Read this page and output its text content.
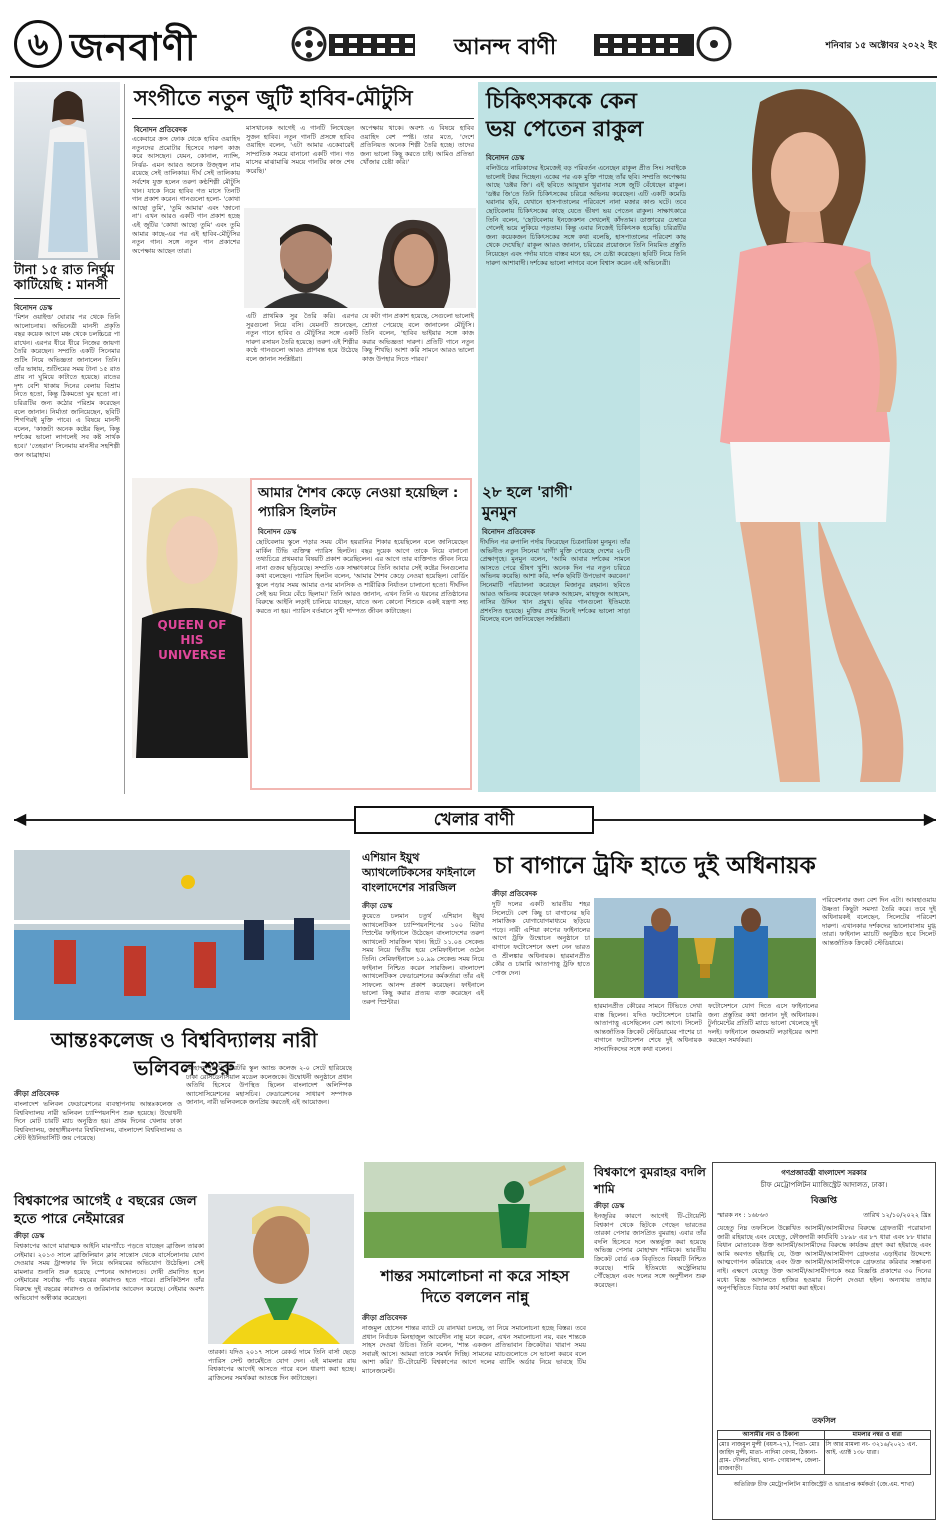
৬ জনবাণী	আনন্দ বাণী	শনিবার ১৫ অক্টোবর ২০২২ ইং
টানা ১৫ রাত নির্ঘুম কাটিয়েছি : মানসী
বিনোদন ডেস্ক
'মিশন ওয়াইল্ড' ঘোরার পর থেকে তিনি আলোচনায়। অভিনেত্রী মানসী প্রকৃতি বছর কয়েক আগে মঞ্চ থেকে চলচ্চিত্রে পা রাখেন। এরপর ধীরে ধীরে নিজের জায়গা তৈরি করেছেন। সম্প্রতি একটি সিনেমার শুটিং নিয়ে অভিজ্ঞতা জানালেন তিনি। তাঁর ভাষায়, শুটিংয়ের সময় টানা ১৫ রাত প্রায় না ঘুমিয়ে কাটাতে হয়েছে। রাতের দৃশ্য বেশি থাকায় দিনের বেলায় বিশ্রাম নিতে হতো, কিন্তু ঠিকমতো ঘুম হতো না। চরিত্রটির জন্য কঠোর পরিশ্রম করেছেন বলে জানান। নির্মাতা জানিয়েছেন, ছবিটি শিগগিরই মুক্তি পাবে। এ বিষয়ে মানসী বলেন, 'কাজটা অনেক কষ্টের ছিল, কিন্তু দর্শকের ভালো লাগলেই সব কষ্ট সার্থক হবে।' 'তেহরান' সিনেমায় মানসীর সহশিল্পী জন আব্রাহাম।
সংগীতে নতুন জুটি হাবিব-মৌটুসি
বিনোদন প্রতিবেদক
একেবারে ক্রস ফোক থেকে হাবিব ওয়াহিদ নতুনদের প্রমোটার হিসেবে দারুণ কাজ করে আসছেন। যেমন, কোনাল, ন্যান্সি, নির্ঝর- এমন আরও অনেক উজ্জ্বল নাম রয়েছে সেই তালিকায়। দীর্ঘ সেই তালিকায় সর্বশেষ যুক্ত হলেন তরুণ কণ্ঠশিল্পী মৌটুসি খান। যাকে নিয়ে হাবিব গত মাসে তিনটি গান প্রকাশ করেন। গানগুলো হলো- 'কোথা আছো তুমি', 'তুমি আমার' এবং 'জানো না'। এখন আরও একটি গান প্রকাশ হচ্ছে এই জুটির 'কোথা আছো তুমি' এবং তুমি আমার কাছে-এর পর এই হাবিব-মৌটুসির নতুন গান। সঙ্গে নতুন গান প্রকাশের অপেক্ষায় আছেন তারা।
মাসখানেক আগেই এ গানটি লিখেছেন সুজন হাবিব। নতুন গানটি প্রসঙ্গে হাবিব ওয়াহিদ বলেন, 'এটা আমার একেবারেই সাম্প্রতিক সময়ে বানানো একটি গান। গত মাসের মাঝামাঝি সময়ে গানটির কাজ শেষ করেছি।'
অপেক্ষায় থাকে। অবশ্য এ বিষয়ে হাবিব ওয়াহিদ বেশ স্পষ্ট। তার মতে, 'দেশে প্রতিনিয়ত অনেক শিল্পী তৈরি হচ্ছে। তাদের জন্য ভালো কিছু করতে চাই। আমিও প্রতিভা খোঁজার চেষ্টা করি।'
এটি প্রাথমিক সুর তৈরি করি। এরপর সুরগুলো নিয়ে বসি। যেমনটি শুনেছেন, নতুন গানে হাবিব ও মৌটুসির সঙ্গে একটি দারুণ রসায়ন তৈরি হয়েছে। তরুণ এই শিল্পীর কণ্ঠে গানগুলো আরও প্রাণবন্ত হয়ে উঠেছে বলে জানান সংশ্লিষ্টরা।
যে কটা গান প্রকাশ হয়েছে, সেগুলো ভালোই শ্রোতা পেয়েছে বলে জানালেন মৌটুসি। তিনি বলেন, 'হাবিব ভাইয়ার সঙ্গে কাজ করার অভিজ্ঞতা দারুণ। প্রতিটি গানে নতুন কিছু শিখছি। আশা করি সামনে আরও ভালো কাজ উপহার দিতে পারব।'
চিকিৎসককে কেন ভয় পেতেন রাকুল
বিনোদন ডেস্ক
বলিউডে নায়িকাদের ইমেজেই বড় পরিবর্তন এনেছেন রাকুল প্রীত সিং। সবাইকে ভালোই টক্কর দিচ্ছেন। একের পর এক মুক্তি পাচ্ছে তাঁর ছবি। সম্প্রতি অপেক্ষায় আছে 'ডক্টর জি'। এই ছবিতে আয়ুষ্মান খুরানার সঙ্গে জুটি বেঁধেছেন রাকুল। 'ডক্টর জি'তে তিনি চিকিৎসকের চরিত্রে অভিনয় করেছেন। এটি একটি কমেডি ঘরানার ছবি, যেখানে হাসপাতালের পরিবেশে নানা মজার কাণ্ড ঘটে। তবে ছোটবেলায় চিকিৎসকের কাছে যেতে ভীষণ ভয় পেতেন রাকুল। সাক্ষাৎকারে তিনি বলেন, 'ছোটবেলায় ইনজেকশন দেখলেই কাঁদতাম। ডাক্তারের চেম্বারে গেলেই ভয়ে লুকিয়ে পড়তাম। কিন্তু এবার নিজেই চিকিৎসক হয়েছি। চরিত্রটির জন্য কয়েকজন চিকিৎসকের সঙ্গে কথা বলেছি, হাসপাতালের পরিবেশ কাছ থেকে দেখেছি।' রাকুল আরও জানান, চরিত্রের প্রয়োজনে তিনি নিয়মিত প্রস্তুতি নিয়েছেন এবং পর্দায় যাতে বাস্তব মনে হয়, সে চেষ্টা করেছেন। ছবিটি নিয়ে তিনি দারুণ আশাবাদী। দর্শকের ভালো লাগবে বলে বিশ্বাস করেন এই অভিনেত্রী।
QUEEN OF HIS UNIVERSE
আমার শৈশব কেড়ে নেওয়া হয়েছিল : প্যারিস হিলটন
বিনোদন ডেস্ক
ছোটবেলায় স্কুলে পড়ার সময় যৌন হয়রানির শিকার হয়েছিলেন বলে জানিয়েছেন মার্কিন টিভি ব্যক্তিত্ব প্যারিস হিলটন। বছর দুয়েক আগে তাকে নিয়ে বানানো তথ্যচিত্রে প্রথমবার বিষয়টি প্রকাশ করেছিলেন। এর আগে তার ব্যক্তিগত জীবন নিয়ে নানা গুজব ছড়িয়েছে। সম্প্রতি এক সাক্ষাৎকারে তিনি আবার সেই কষ্টের দিনগুলোর কথা বলেছেন। প্যারিস হিলটন বলেন, 'আমার শৈশব কেড়ে নেওয়া হয়েছিল। বোর্ডিং স্কুলে পড়ার সময় আমার ওপর মানসিক ও শারীরিক নির্যাতন চালানো হতো। দীর্ঘদিন সেই ভয় নিয়ে বেঁচে ছিলাম।' তিনি আরও জানান, এখন তিনি এ ধরনের প্রতিষ্ঠানের বিরুদ্ধে আইনি লড়াই চালিয়ে যাচ্ছেন, যাতে অন্য কোনো শিশুকে একই যন্ত্রণা সহ্য করতে না হয়। প্যারিস বর্তমানে সুখী দাম্পত্য জীবন কাটাচ্ছেন।
২৮ হলে 'রাগী' মুনমুন
বিনোদন প্রতিবেদক
দীর্ঘদিন পর রুপালি পর্দায় ফিরেছেন চিত্রনায়িকা মুনমুন। তাঁর অভিনীত নতুন সিনেমা 'রাগী' মুক্তি পেয়েছে দেশের ২৮টি প্রেক্ষাগৃহে। মুনমুন বলেন, 'আমি আবার দর্শকের সামনে আসতে পেরে ভীষণ খুশি। অনেক দিন পর নতুন চরিত্রে অভিনয় করেছি। আশা করি, দর্শক ছবিটি উপভোগ করবেন।' সিনেমাটি পরিচালনা করেছেন মিজানুর রহমান। ছবিতে আরও অভিনয় করেছেন ফারুক আহমেদ, মাহফুজ আহমেদ, নাসির উদ্দিন খান প্রমুখ। ছবির গানগুলো ইতিমধ্যে প্রশংসিত হয়েছে। মুক্তির প্রথম দিনেই দর্শকের ভালো সাড়া মিলেছে বলে জানিয়েছেন সংশ্লিষ্টরা।
◀	▶
খেলার বাণী
আন্তঃকলেজ ও বিশ্ববিদ্যালয় নারী ভলিবল শুরু
ক্রীড়া প্রতিবেদক
বাংলাদেশ ভলিবল ফেডারেশনের ব্যবস্থাপনায় আন্তঃকলেজ ও বিশ্ববিদ্যালয় নারী ভলিবল চ্যাম্পিয়নশিপ শুরু হয়েছে। উদ্বোধনী দিনে মোট চারটি ম্যাচ অনুষ্ঠিত হয়। প্রথম দিনের খেলায় ঢাকা বিশ্ববিদ্যালয়, জাহাঙ্গীরনগর বিশ্ববিদ্যালয়, বাংলাদেশ বিশ্ববিদ্যালয় ও স্টেট ইউনিভার্সিটি জয় পেয়েছে।
মোহাম্মদপুর প্রিপারেটরি স্কুল অ্যান্ড কলেজ ২-০ সেটে হারিয়েছে ঢাকা রেসিডেনসিয়াল মডেল কলেজকে। উদ্বোধনী অনুষ্ঠানে প্রধান অতিথি হিসেবে উপস্থিত ছিলেন বাংলাদেশ অলিম্পিক অ্যাসোসিয়েশনের মহাসচিব। ফেডারেশনের সাধারণ সম্পাদক জানান, নারী ভলিবলকে জনপ্রিয় করতেই এই আয়োজন।
এশিয়ান ইয়ুথ অ্যাথলেটিকসের ফাইনালে বাংলাদেশের সারজিল
ক্রীড়া ডেস্ক
কুয়েতে চলমান চতুর্থ এশিয়ান ইয়ুথ অ্যাথলেটিকস চ্যাম্পিয়নশিপের ১০০ মিটার স্প্রিন্টের ফাইনালে উঠেছেন বাংলাদেশের তরুণ অ্যাথলেট সারজিল খান। হিটে ১১.০৪ সেকেন্ড সময় নিয়ে দ্বিতীয় হয়ে সেমিফাইনালে ওঠেন তিনি। সেমিফাইনালে ১০.৯৯ সেকেন্ড সময় নিয়ে ফাইনাল নিশ্চিত করেন সারজিল। বাংলাদেশ অ্যাথলেটিকস ফেডারেশনের কর্মকর্তারা তাঁর এই সাফল্যে আনন্দ প্রকাশ করেছেন। ফাইনালে ভালো কিছু করার প্রত্যয় ব্যক্ত করেছেন এই তরুণ স্প্রিন্টার।
চা বাগানে ট্রফি হাতে দুই অধিনায়ক
ক্রীড়া প্রতিবেদক
দুটি দলের একটি ভারতীয় শহর সিলেটে। বেশ কিছু চা বাগানের ছবি সামাজিক যোগাযোগমাধ্যমে ছড়িয়ে পড়ে। নারী এশিয়া কাপের ফাইনালের আগে ট্রফি উন্মোচন অনুষ্ঠানে চা বাগানে ফটোসেশনে অংশ নেন ভারত ও শ্রীলঙ্কার অধিনায়ক। হারমানপ্রীত কৌর ও চামারি আতাপাত্তু ট্রফি হাতে পোজ দেন।
হারমানপ্রীত কৌরের সামনে টিভিতে দেখা ব্যস্ত ছিলেন। যদিও ফটোসেশনে চামারি আতাপাত্তু এসেছিলেন বেশ আগে। সিলেট আন্তর্জাতিক ক্রিকেট স্টেডিয়ামের পাশের চা বাগানে ফটোসেশন শেষে দুই অধিনায়ক সাংবাদিকদের সঙ্গে কথা বলেন।
ফটোসেশনে যোগ দিতে এসে ফাইনালের জন্য প্রস্তুতির কথা জানান দুই অধিনায়ক। টুর্নামেন্টের প্রতিটি ম্যাচে ভালো খেলেছে দুই দলই। ফাইনালে জমজমাট লড়াইয়ের আশা করছেন সমর্থকরা।
পরিবেশনার জন্য বেশ দিন এটা। আবহাওয়ায় উষ্ণতা কিছুটা সমস্যা তৈরি করে। তবে দুই অধিনায়কই বলেছেন, সিলেটের পরিবেশ দারুণ। এখানকার দর্শকদের ভালোবাসায় মুগ্ধ তারা। ফাইনাল ম্যাচটি অনুষ্ঠিত হবে সিলেট আন্তর্জাতিক ক্রিকেট স্টেডিয়ামে।
বিশ্বকাপের আগেই ৫ বছরের জেল হতে পারে নেইমারের
ক্রীড়া ডেস্ক
বিশ্বকাপের আগে মারাত্মক আইনি মারপ্যাঁচে পড়তে যাচ্ছেন ব্রাজিল তারকা নেইমার। ২০১৩ সালে ব্রাজিলিয়ান ক্লাব সান্তোস থেকে বার্সেলোনায় যোগ দেওয়ার সময় ট্রান্সফার ফি নিয়ে অনিয়মের অভিযোগ উঠেছিল। সেই মামলার শুনানি শুরু হয়েছে স্পেনের আদালতে। দোষী প্রমাণিত হলে নেইমারের সর্বোচ্চ পাঁচ বছরের কারাদণ্ড হতে পারে। প্রসিকিউশন তাঁর বিরুদ্ধে দুই বছরের কারাদণ্ড ও জরিমানার আবেদন করেছে। নেইমার অবশ্য অভিযোগ অস্বীকার করেছেন।
তারকা। যদিও ২০১৭ সালে রেকর্ড দামে তিনি বার্সা ছেড়ে প্যারিস সেন্ট জার্মেইতে যোগ দেন। এই মামলার রায় বিশ্বকাপের আগেই আসতে পারে বলে ধারণা করা হচ্ছে। ব্রাজিলের সমর্থকরা আতঙ্কে দিন কাটাচ্ছেন।
শান্তর সমালোচনা না করে সাহস দিতে বললেন নান্নু
ক্রীড়া প্রতিবেদক
নাজমুল হোসেন শান্তর ব্যাটে যে রানখরা চলছে, তা নিয়ে সমালোচনা হচ্ছে বিস্তর। তবে প্রধান নির্বাচক মিনহাজুল আবেদীন নান্নু মনে করেন, এখন সমালোচনা নয়, বরং শান্তকে সাহস দেওয়া উচিত। তিনি বলেন, 'শান্ত একজন প্রতিভাবান ক্রিকেটার। খারাপ সময় সবারই আসে। আমরা তাকে সমর্থন দিচ্ছি। সামনের ম্যাচগুলোতে সে ভালো করবে বলে আশা করি।' টি-টোয়েন্টি বিশ্বকাপের আগে দলের ব্যাটিং অর্ডার নিয়ে ভাবছে টিম ম্যানেজমেন্ট।
বিশ্বকাপে বুমরাহর বদলি শামি
ক্রীড়া ডেস্ক
ইনজুরির কারণে আগেই টি-টোয়েন্টি বিশ্বকাপ থেকে ছিটকে গেছেন ভারতের তারকা পেসার জাসপ্রিত বুমরাহ। এবার তাঁর বদলি হিসেবে দলে অন্তর্ভুক্ত করা হয়েছে অভিজ্ঞ পেসার মোহাম্মদ শামিকে। ভারতীয় ক্রিকেট বোর্ড এক বিবৃতিতে বিষয়টি নিশ্চিত করেছে। শামি ইতিমধ্যে অস্ট্রেলিয়ায় পৌঁছেছেন এবং দলের সঙ্গে অনুশীলন শুরু করেছেন।
গণপ্রজাতন্ত্রী বাংলাদেশ সরকার
চীফ মেট্রোপলিটন ম্যাজিস্ট্রেট আদালত, ঢাকা।
বিজ্ঞপ্তি
স্মারক নং : ১৬৮৬৩	তারিখ ১২/১০/২০২২ খ্রিঃ
যেহেতু নিম্ন তফসিলে উল্লেখিত আসামী/আসামীদের বিরুদ্ধে গ্রেফতারী পরোয়ানা জারী রহিয়াছে এবং যেহেতু, ফৌজদারী কার্যবিধি ১৮৯৮ এর ৮৭ ধারা এবং ৮৮ ধারার বিধান মোতাবেক উক্ত আসামী/আসামীদের বিরুদ্ধে কার্যক্রম গ্রহণ করা হইয়াছে এবং আমি অবগত হইয়াছি যে, উক্ত আসামী/আসামীগণ গ্রেফতার এড়াইবার উদ্দেশ্যে আত্মগোপন করিয়াছে এবং উক্ত আসামী/আসামীগণকে গ্রেফতার করিবার সম্ভাবনা নাই। এক্ষণে যেহেতু উক্ত আসামী/আসামীগণকে অত্র বিজ্ঞপ্তি প্রকাশের ৩০ দিনের মধ্যে বিজ্ঞ আদালতে হাজির হওয়ার নির্দেশ দেওয়া হইল। অন্যথায় তাহার অনুপস্থিতিতে বিচার কার্য সমাধা করা হইবে।
তফসিল
আসামীর নাম ও ঠিকানা	মামলার নম্বর ও ধারা
মোঃ নাজমুল মুন্সী (বয়স-২৭), পিতা- মোঃ জাহিদ মুন্সী, মাতা- নাদিমা বেগম, ঠিকানা- গ্রাম- দৌলতদিয়া, থানা- গোয়ালন্দ, জেলা- রাজবাড়ী।	সি আর মামলা নং- ৩২১৬/২০২১ এন. আই. এ্যাক্ট ১৩৮ ধারা।
অতিরিক্ত চীফ মেট্রোপলিটন ম্যাজিস্ট্রেট ও ভারপ্রাপ্ত কর্মকর্তা (জে.এম. শাখা)
